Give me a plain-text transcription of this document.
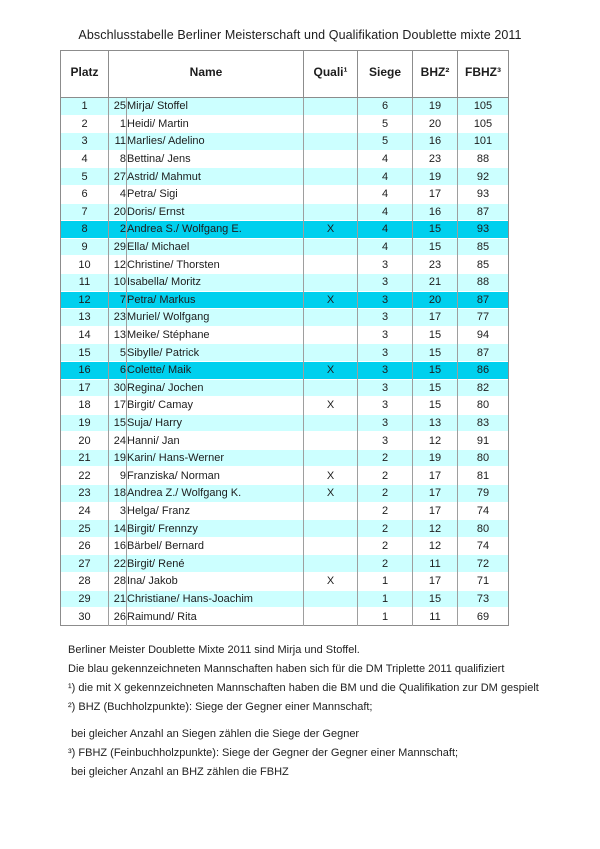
Abschlusstabelle Berliner Meisterschaft und Qualifikation Doublette mixte 2011
Platz	Name		Quali¹	Siege	BHZ²	FBHZ³
1	25	Mirja/ Stoffel		6	19	105
2	1	Heidi/ Martin		5	20	105
3	11	Marlies/ Adelino		5	16	101
4	8	Bettina/ Jens		4	23	88
5	27	Astrid/ Mahmut		4	19	92
6	4	Petra/ Sigi		4	17	93
7	20	Doris/ Ernst		4	16	87
8	2	Andrea S./ Wolfgang E.	X	4	15	93
9	29	Ella/ Michael		4	15	85
10	12	Christine/ Thorsten		3	23	85
11	10	Isabella/ Moritz		3	21	88
12	7	Petra/ Markus	X	3	20	87
13	23	Muriel/ Wolfgang		3	17	77
14	13	Meike/ Stéphane		3	15	94
15	5	Sibylle/ Patrick		3	15	87
16	6	Colette/ Maik	X	3	15	86
17	30	Regina/ Jochen		3	15	82
18	17	Birgit/ Camay	X	3	15	80
19	15	Suja/ Harry		3	13	83
20	24	Hanni/ Jan		3	12	91
21	19	Karin/ Hans-Werner		2	19	80
22	9	Franziska/ Norman	X	2	17	81
23	18	Andrea Z./ Wolfgang K.	X	2	17	79
24	3	Helga/ Franz		2	17	74
25	14	Birgit/ Frennzy		2	12	80
26	16	Bärbel/ Bernard		2	12	74
27	22	Birgit/ René		2	11	72
28	28	Ina/ Jakob	X	1	17	71
29	21	Christiane/ Hans-Joachim		1	15	73
30	26	Raimund/ Rita		1	11	69
Berliner Meister Doublette Mixte 2011 sind Mirja und Stoffel.
Die blau gekennzeichneten Mannschaften haben sich für die DM Triplette 2011 qualifiziert
¹) die mit X gekennzeichneten Mannschaften haben die BM und die Qualifikation zur DM gespielt
²) BHZ (Buchholzpunkte): Siege der Gegner einer Mannschaft;
bei gleicher Anzahl an Siegen zählen die Siege der Gegner
³) FBHZ (Feinbuchholzpunkte): Siege der Gegner der Gegner einer Mannschaft;
bei gleicher Anzahl an BHZ zählen die FBHZ
